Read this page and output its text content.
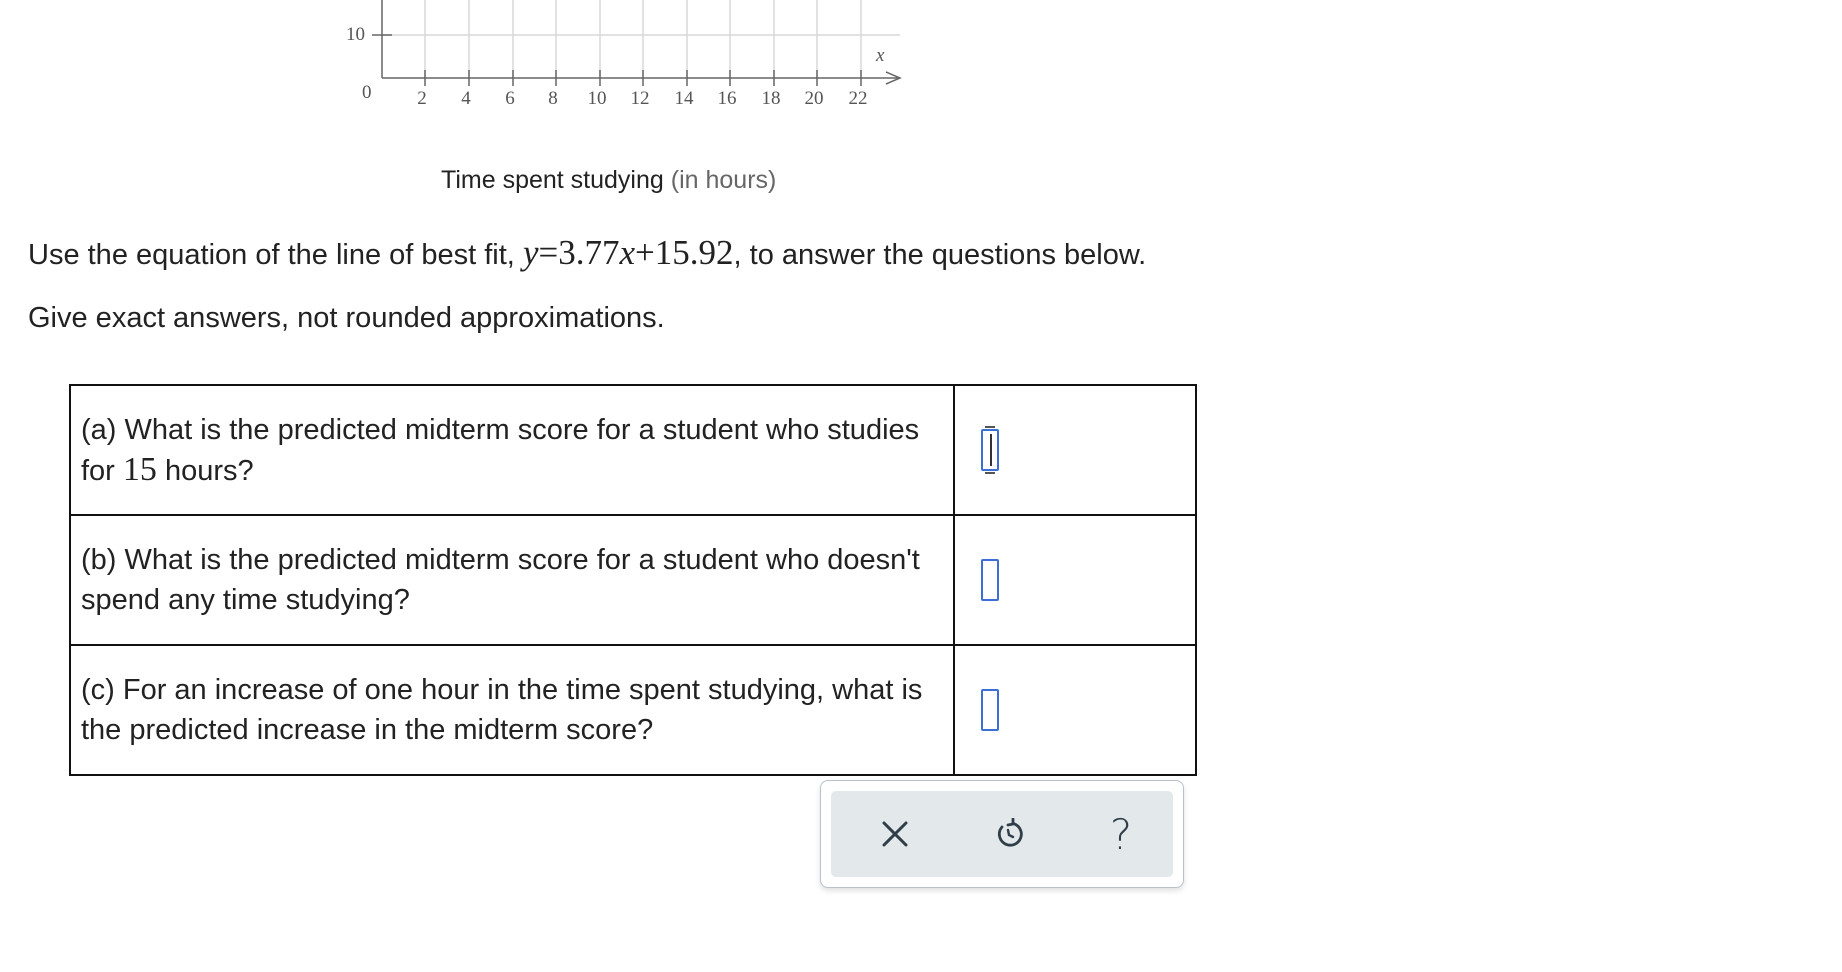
10
0
x
2 4 6 8 10 12 14 16 18 20 22
Time spent studying (in hours)
Use the equation of the line of best fit, y=3.77x+15.92, to answer the questions below.
Give exact answers, not rounded approximations.
(a) What is the predicted midterm score for a student who studies for 15 hours?	

(b) What is the predicted midterm score for a student who doesn't spend any time studying?	

(c) For an increase of one hour in the time spent studying, what is the predicted increase in the midterm score?	
?
